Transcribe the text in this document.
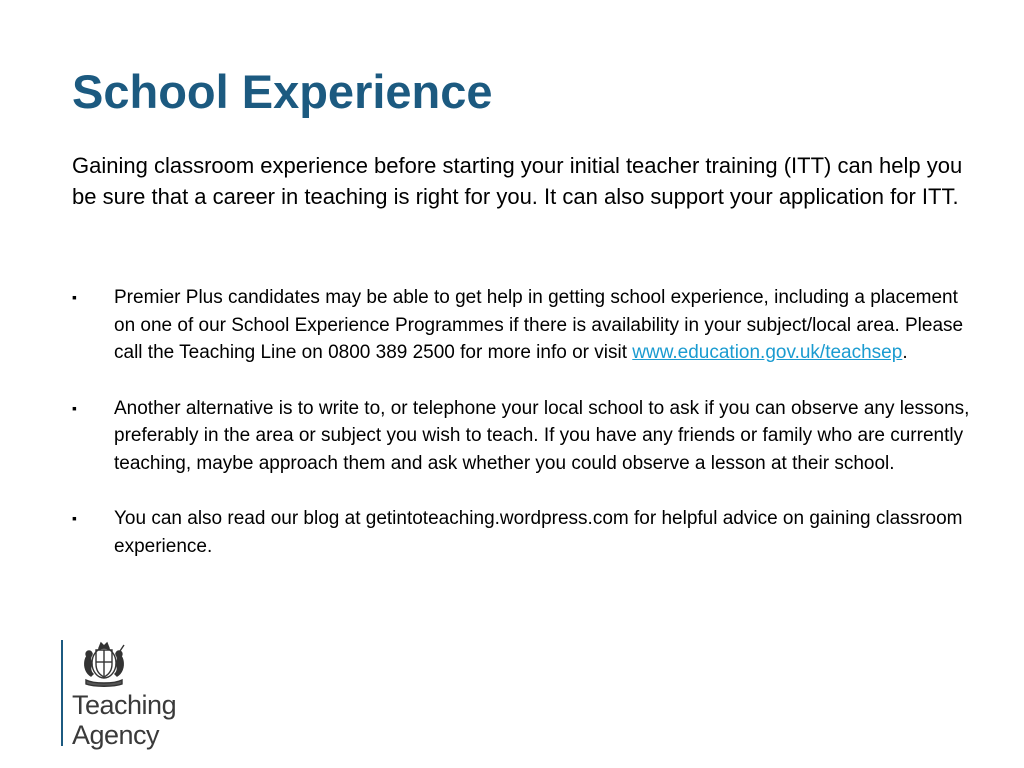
School Experience

Gaining classroom experience before starting your initial teacher training (ITT) can help you be sure that a career in teaching is right for you. It can also support your application for ITT.

▪ Premier Plus candidates may be able to get help in getting school experience, including a placement on one of our School Experience Programmes if there is availability in your subject/local area. Please call the Teaching Line on 0800 389 2500 for more info or visit www.education.gov.uk/teachsep.
▪ Another alternative is to write to, or telephone your local school to ask if you can observe any lessons, preferably in the area or subject you wish to teach. If you have any friends or family who are currently teaching, maybe approach them and ask whether you could observe a lesson at their school.
▪ You can also read our blog at getintoteaching.wordpress.com for helpful advice on gaining classroom experience.
Teaching
Agency
